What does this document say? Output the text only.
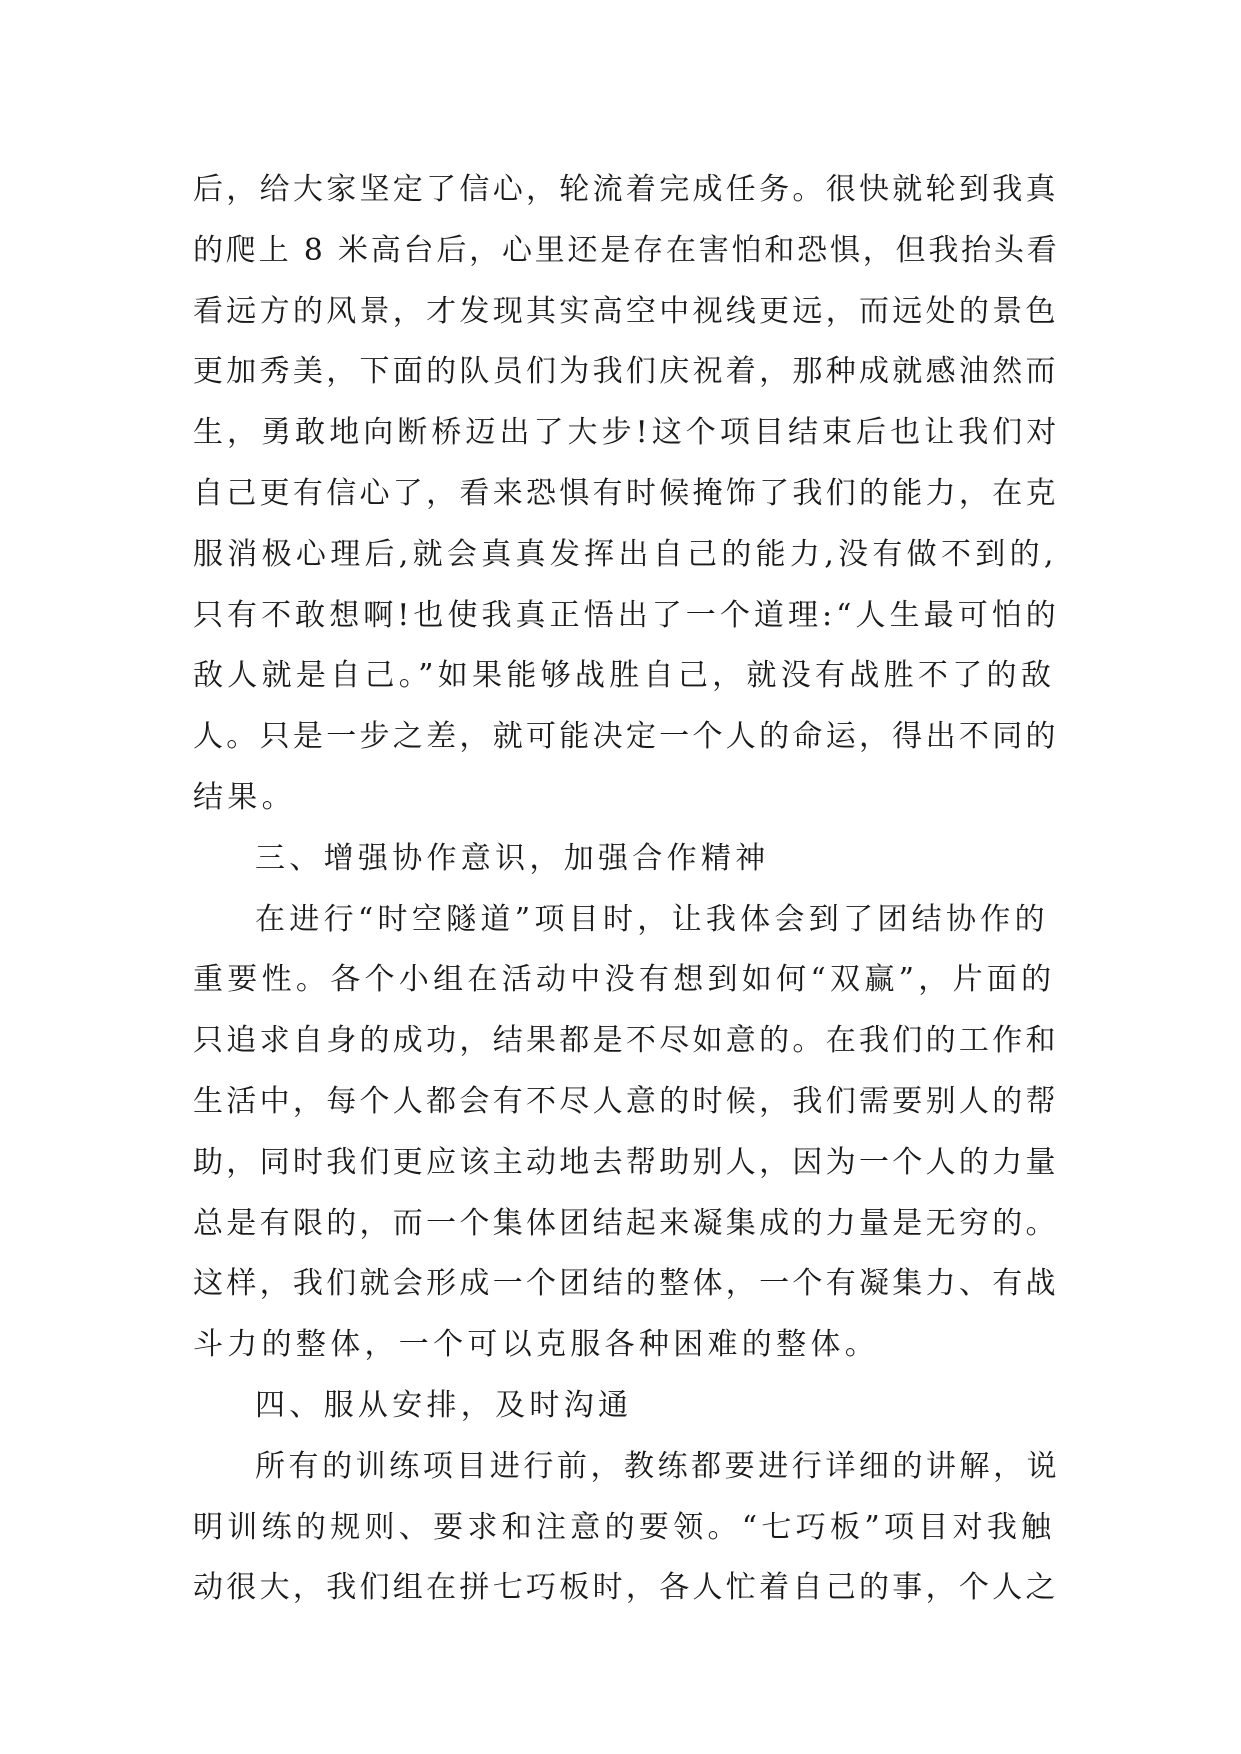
后，给大家坚定了信心，轮流着完成任务。很快就轮到我真
的爬上 8 米高台后，心里还是存在害怕和恐惧，但我抬头看
看远方的风景，才发现其实高空中视线更远，而远处的景色
更加秀美，下面的队员们为我们庆祝着，那种成就感油然而
生，勇敢地向断桥迈出了大步!这个项目结束后也让我们对
自己更有信心了，看来恐惧有时候掩饰了我们的能力，在克
服消极心理后,就会真真发挥出自己的能力,没有做不到的,
只有不敢想啊!也使我真正悟出了一个道理:“人生最可怕的
敌人就是自己。”如果能够战胜自己，就没有战胜不了的敌
人。只是一步之差，就可能决定一个人的命运，得出不同的
结果。
三、增强协作意识，加强合作精神
在进行“时空隧道”项目时，让我体会到了团结协作的
重要性。各个小组在活动中没有想到如何“双赢”，片面的
只追求自身的成功，结果都是不尽如意的。在我们的工作和
生活中，每个人都会有不尽人意的时候，我们需要别人的帮
助，同时我们更应该主动地去帮助别人，因为一个人的力量
总是有限的，而一个集体团结起来凝集成的力量是无穷的。
这样，我们就会形成一个团结的整体，一个有凝集力、有战
斗力的整体，一个可以克服各种困难的整体。
四、服从安排，及时沟通
所有的训练项目进行前，教练都要进行详细的讲解，说
明训练的规则、要求和注意的要领。“七巧板”项目对我触
动很大，我们组在拼七巧板时，各人忙着自己的事，个人之
